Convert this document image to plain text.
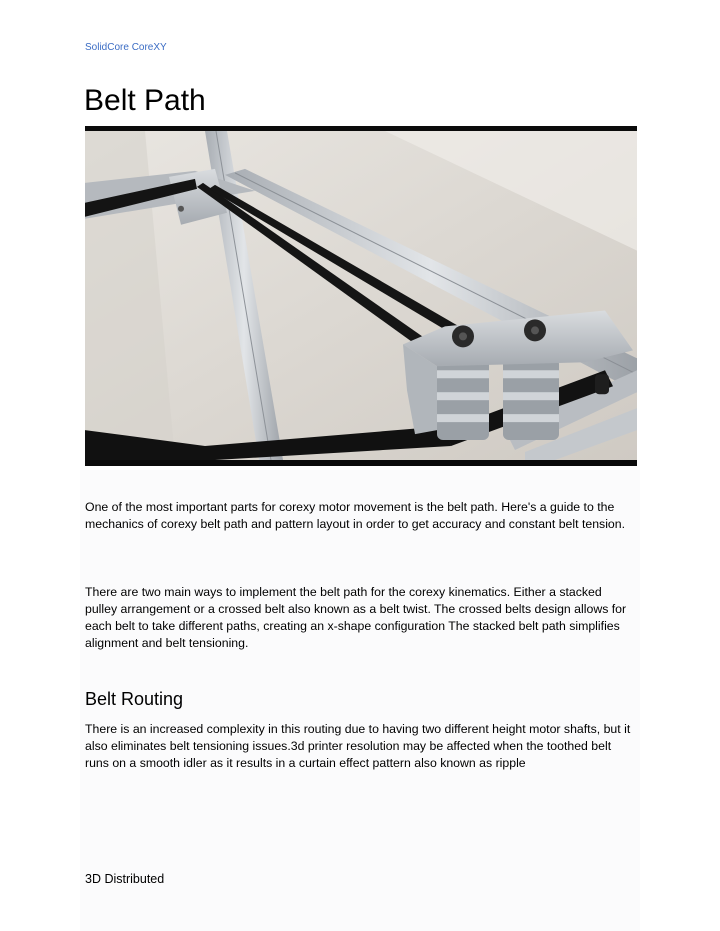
SolidCore CoreXY
Belt Path

One of the most important parts for corexy motor movement is the belt path. Here's a guide to the mechanics of corexy belt path and pattern layout in order to get accuracy and constant belt tension.

There are two main ways to implement the belt path for the corexy kinematics. Either a stacked pulley arrangement or a crossed belt also known as a belt twist. The crossed belts design allows for each belt to take different paths, creating an x-shape configuration The stacked belt path simplifies alignment and belt tensioning.

Belt Routing

There is an increased complexity in this routing due to having two different height motor shafts, but it also eliminates belt tensioning issues.3d printer resolution may be affected when the toothed belt runs on a smooth idler as it results in a curtain effect pattern also known as ripple

3D Distributed
